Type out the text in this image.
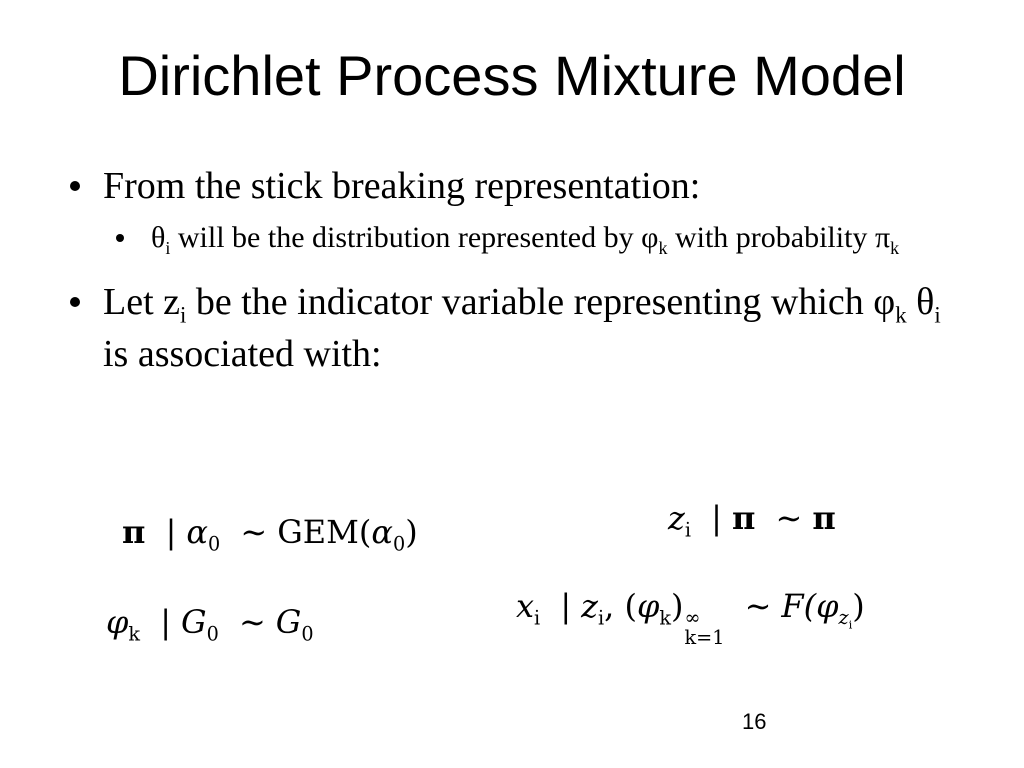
Dirichlet Process Mixture Model
From the stick breaking representation:
$\theta_i$ will be the distribution represented by $\varphi_k$ with probability $\pi_k$
Let $z_i$ be the indicator variable representing which $\varphi_k$ $\theta_i$ is associated with:
π | $\alpha_0$ ∼ $GEM(\alpha_0)$
$\varphi_k$ | $G_0$ ∼ $G_0$
$z_i$ | π ∼ π
$x_i$ | $z_i$, $(\varphi_k)$ ∞
k=1
∼ $F(\varphi_{z_i})$
16
